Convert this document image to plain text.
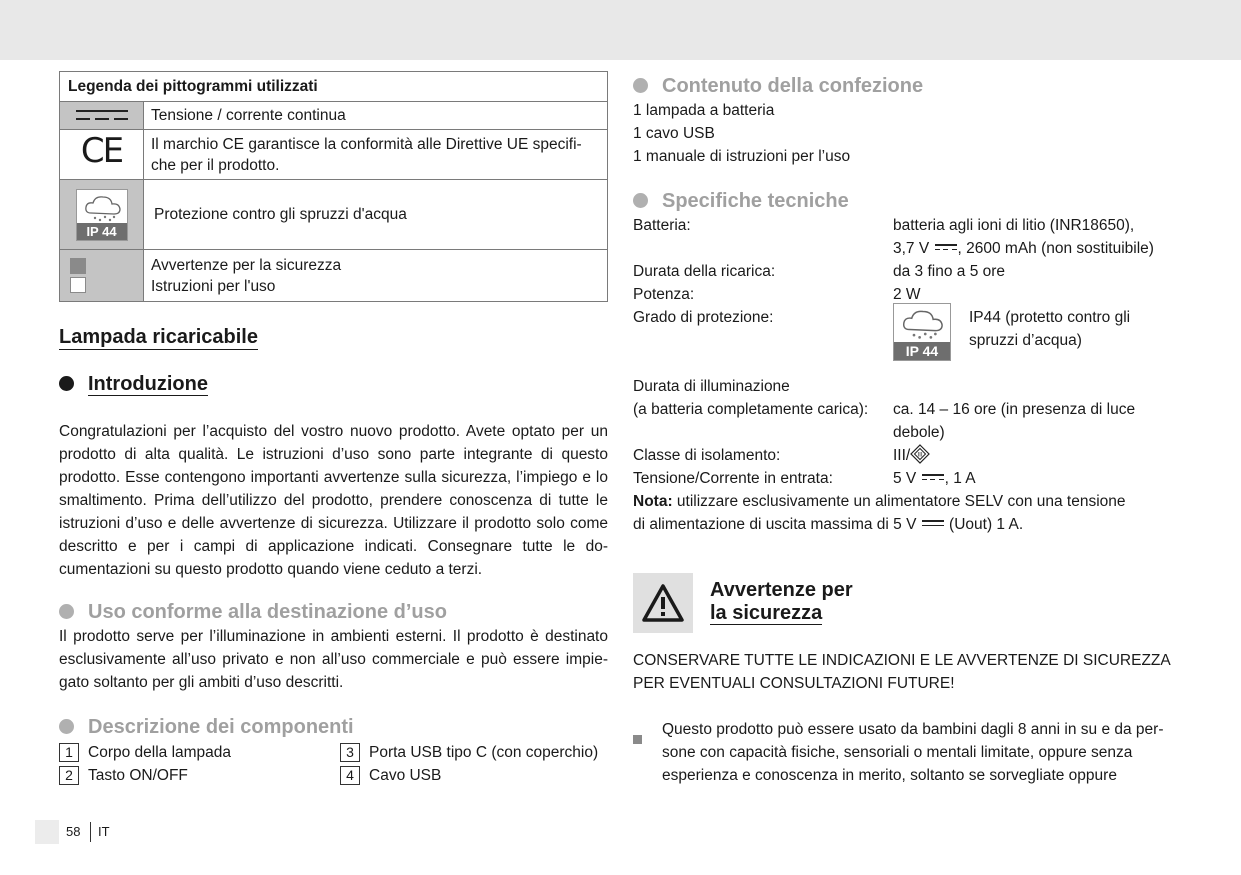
Legenda dei pittogrammi utilizzati	

	Tensione / corrente continua
CE	Il marchio CE garantisce la conformità alle Direttive UE specifi-
che per il prodotto.

IP 44	Protezione contro gli spruzzi d'acqua

	Avvertenze per la sicurezza
Istruzioni per l'uso
Lampada ricaricabile
Introduzione
Congratulazioni per l’acquisto del vostro nuovo prodotto. Avete optato per un prodotto di alta qualità. Le istruzioni d’uso sono parte integrante di questo prodotto. Esse contengono importanti avvertenze sulla sicurezza, l’impiego e lo smaltimento. Prima dell’utilizzo del prodotto, prendere conoscenza di tutte le istruzioni d’uso e delle avvertenze di sicurezza. Utilizzare il prodotto solo come descritto e per i campi di applicazione indicati. Consegnare tutte le do-cumentazioni su questo prodotto quando viene ceduto a terzi.
Uso conforme alla destinazione d’uso
Il prodotto serve per l’illuminazione in ambienti esterni. Il prodotto è destinato esclusivamente all’uso privato e non all’uso commerciale e può essere impie-gato soltanto per gli ambiti d’uso descritti.
Descrizione dei componenti
1 Corpo della lampada
2 Tasto ON/OFF
3 Porta USB tipo C (con coperchio)
4 Cavo USB
Contenuto della confezione
1 lampada a batteria
1 cavo USB
1 manuale di istruzioni per l’uso
Specifiche tecniche
Batteria:	batteria agli ioni di litio (INR18650),
3,7 V , 2600 mAh (non sostituibile)
Durata della ricarica:	da 3 fino a 5 ore
Potenza:	2 W
Grado di protezione:
IP 44
IP44 (protetto contro gli
spruzzi d’acqua)
Durata di illuminazione
(a batteria completamente carica):	ca. 14 – 16 ore (in presenza di luce
debole)
Classe di isolamento:	III/ III
Tensione/Corrente in entrata:	5 V , 1 A
Nota: utilizzare esclusivamente un alimentatore SELV con una tensione
di alimentazione di uscita massima di 5 V
(Uout) 1 A.
Avvertenze per
la sicurezza
CONSERVARE TUTTE LE INDICAZIONI E LE AVVERTENZE DI SICUREZZA
PER EVENTUALI CONSULTAZIONI FUTURE!
Questo prodotto può essere usato da bambini dagli 8 anni in su e da per-
sone con capacità fisiche, sensoriali o mentali limitate, oppure senza
esperienza e conoscenza in merito, soltanto se sorvegliate oppure
58 IT
